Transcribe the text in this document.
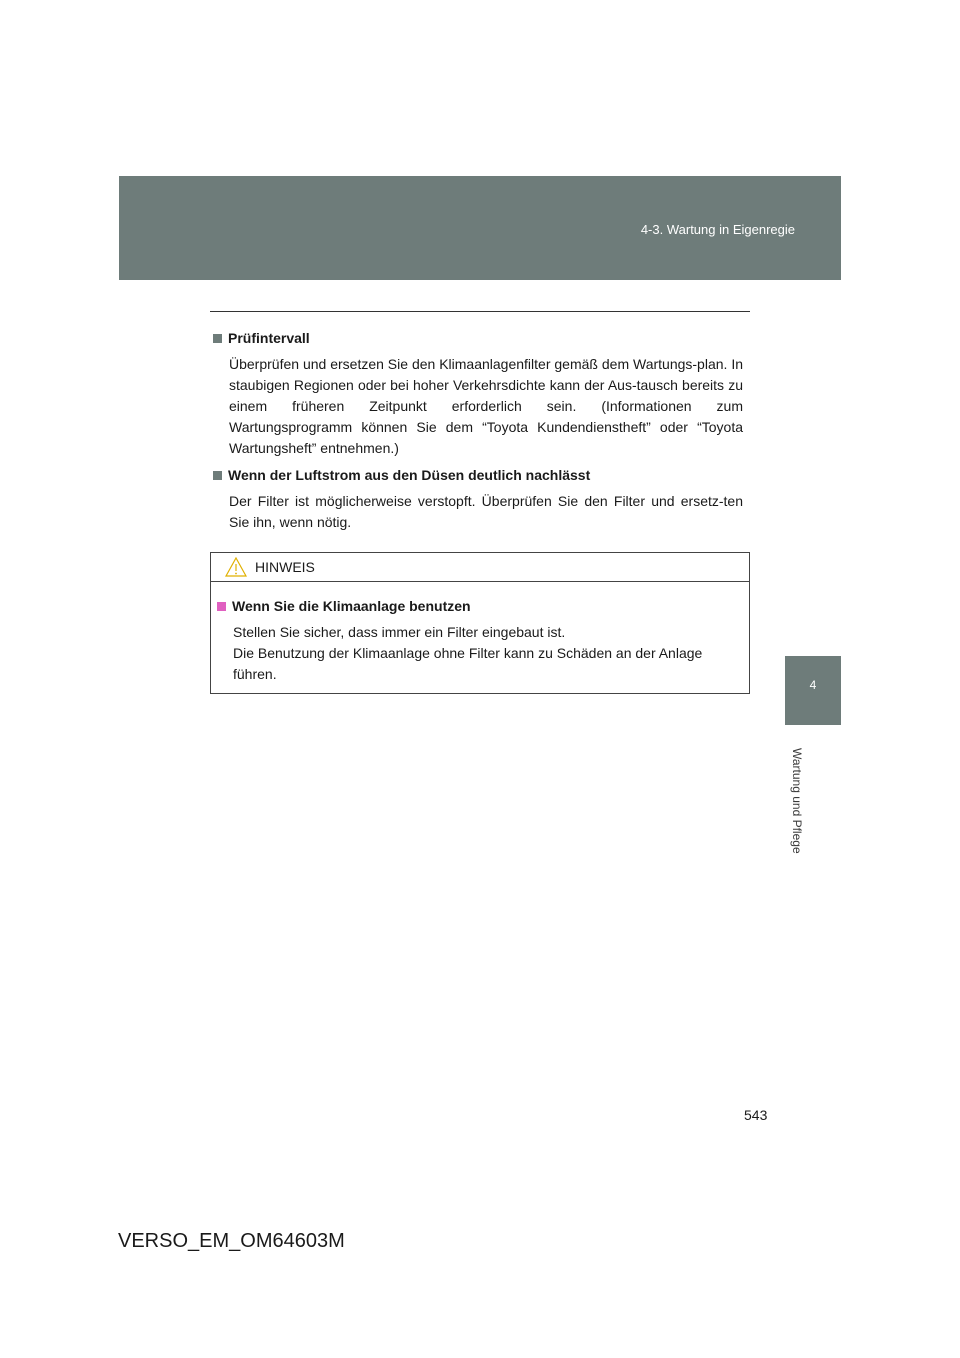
4-3. Wartung in Eigenregie
4
Wartung und Pflege
Prüfintervall
Überprüfen und ersetzen Sie den Klimaanlagenfilter gemäß dem Wartungs-plan. In staubigen Regionen oder bei hoher Verkehrsdichte kann der Aus-tausch bereits zu einem früheren Zeitpunkt erforderlich sein. (Informationen zum Wartungsprogramm können Sie dem “Toyota Kundendienstheft” oder “Toyota Wartungsheft” entnehmen.)
Wenn der Luftstrom aus den Düsen deutlich nachlässt
Der Filter ist möglicherweise verstopft. Überprüfen Sie den Filter und ersetz-ten Sie ihn, wenn nötig.
HINWEIS
Wenn Sie die Klimaanlage benutzen
Stellen Sie sicher, dass immer ein Filter eingebaut ist.
Die Benutzung der Klimaanlage ohne Filter kann zu Schäden an der Anlage führen.
543
VERSO_EM_OM64603M
